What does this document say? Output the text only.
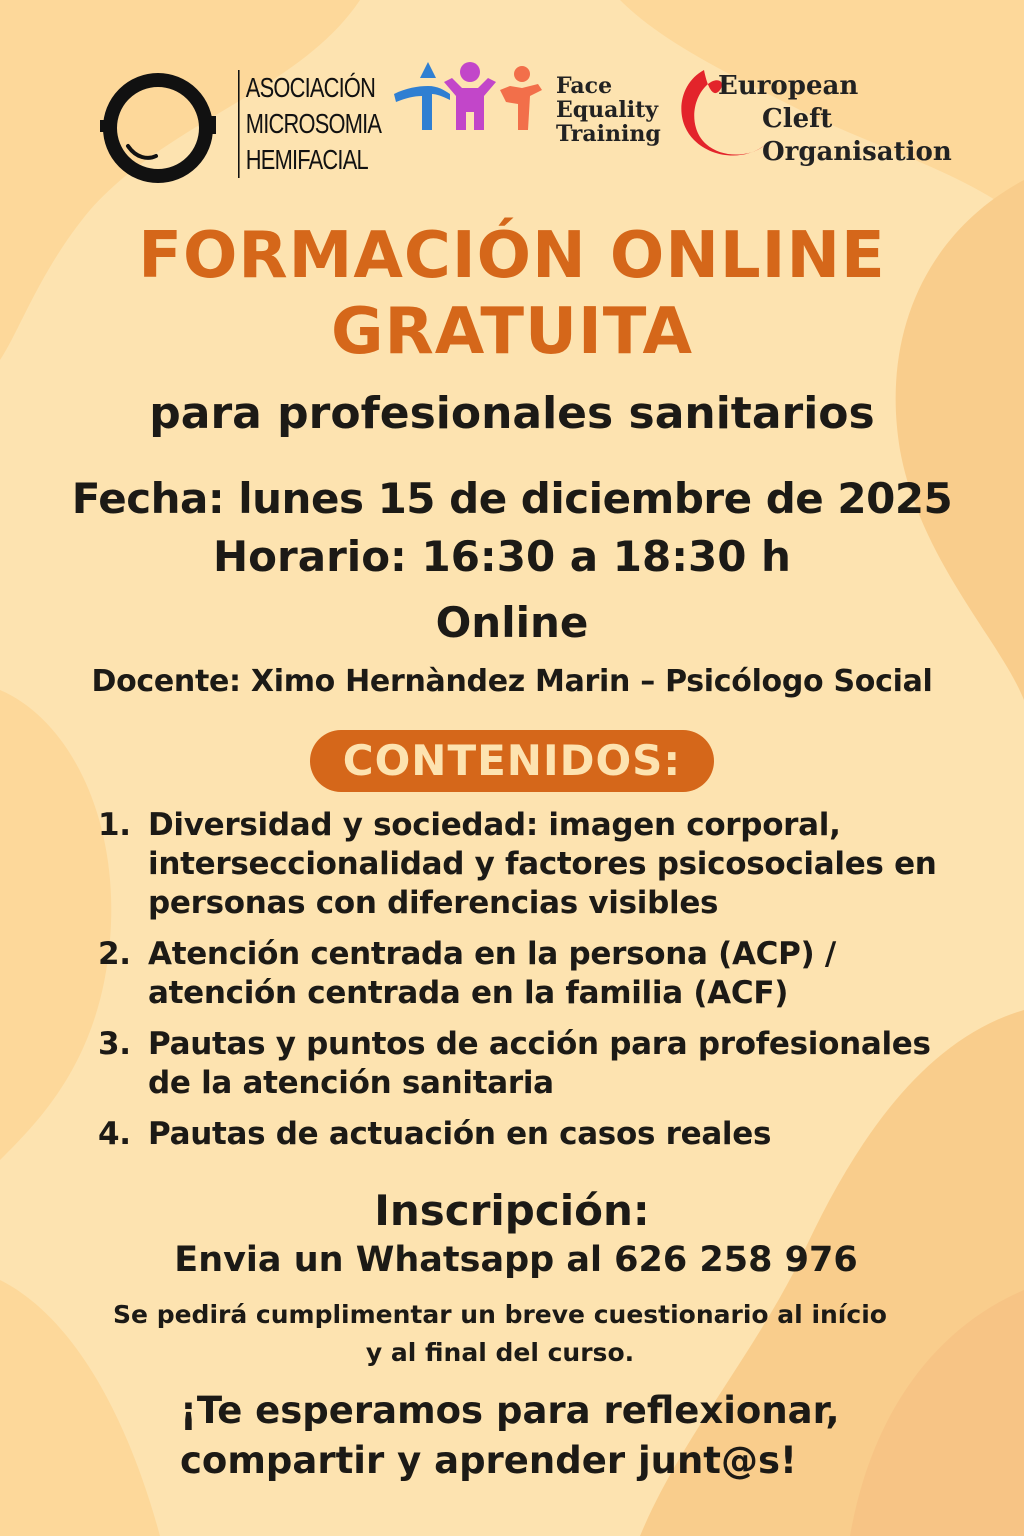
ASOCIACIÓN
MICROSOMIA
HEMIFACIAL
Face
Equality
Training
European
Cleft
Organisation
FORMACIÓN ONLINE
GRATUITA
para profesionales sanitarios
Fecha: lunes 15 de diciembre de 2025
Horario: 16:30 a 18:30 h
Online
Docente: Ximo Hernàndez Marin – Psicólogo Social
CONTENIDOS:
1. Diversidad y sociedad: imagen corporal, interseccionalidad y factores psicosociales en personas con diferencias visibles
2. Atención centrada en la persona (ACP) / atención centrada en la familia (ACF)
3. Pautas y puntos de acción para profesionales de la atención sanitaria
4. Pautas de actuación en casos reales
Inscripción:
Envia un Whatsapp al 626 258 976
Se pedirá cumplimentar un breve cuestionario al início y al final del curso.
¡Te esperamos para reflexionar,
compartir y aprender junt@s!
